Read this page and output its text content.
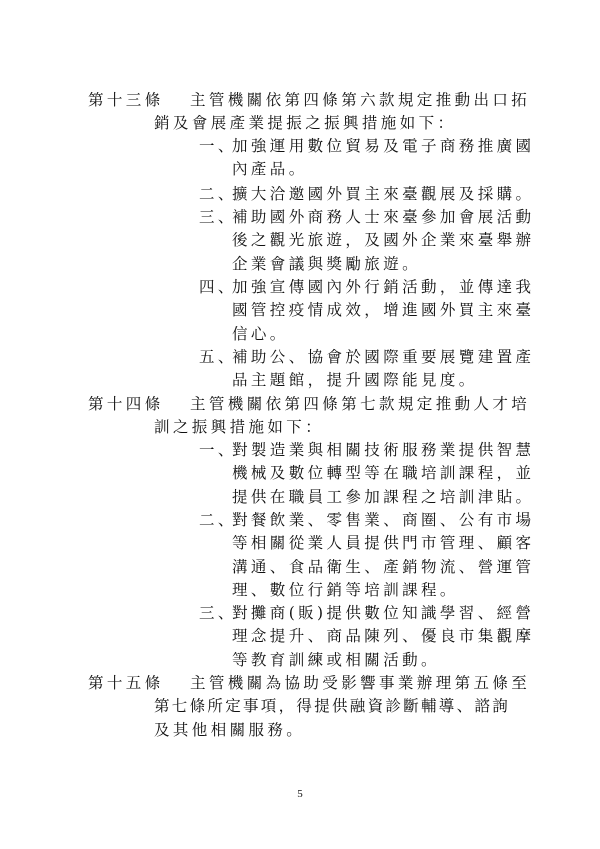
第十三條 主管機關依第四條第六款規定推動出口拓
銷及會展產業提振之振興措施如下：
一、
加強運用數位貿易及電子商務推廣國
內產品。
二、
擴大洽邀國外買主來臺觀展及採購。
三、
補助國外商務人士來臺參加會展活動
後之觀光旅遊，及國外企業來臺舉辦
企業會議與獎勵旅遊。
四、
加強宣傳國內外行銷活動，並傳達我
國管控疫情成效，增進國外買主來臺
信心。
五、
補助公、協會於國際重要展覽建置產
品主題館，提升國際能見度。
第十四條 主管機關依第四條第七款規定推動人才培
訓之振興措施如下：
一、
對製造業與相關技術服務業提供智慧
機械及數位轉型等在職培訓課程，並
提供在職員工參加課程之培訓津貼。
二、
對餐飲業、零售業、商圈、公有市場
等相關從業人員提供門市管理、顧客
溝通、食品衛生、產銷物流、營運管
理、數位行銷等培訓課程。
三、
對攤商(販)提供數位知識學習、經營
理念提升、商品陳列、優良市集觀摩
等教育訓練或相關活動。
第十五條 主管機關為協助受影響事業辦理第五條至
第七條所定事項，得提供融資診斷輔導、諮詢
及其他相關服務。
5
